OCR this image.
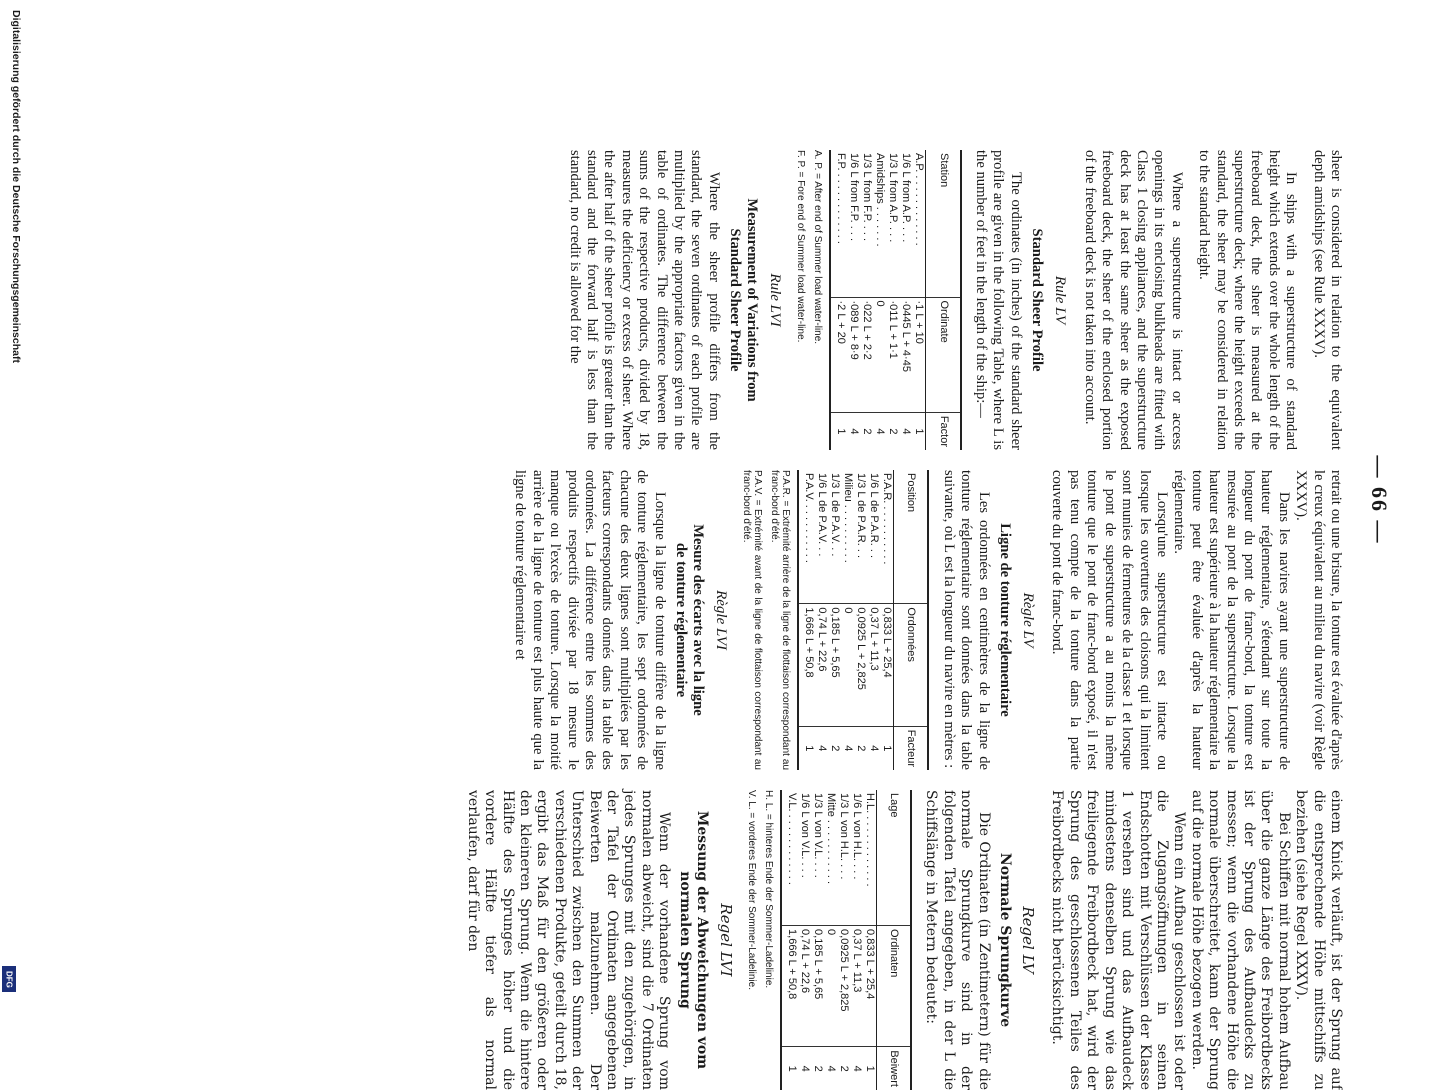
Digitalisierung gefördert durch die Deutsche Forschungsgemeinschaft
DFG
— 66 —

sheer is considered in relation to the equivalent depth amidships (see Rule XXXV).

In ships with a superstructure of standard height which extends over the whole length of the freeboard deck, the sheer is measured at the superstructure deck; where the height exceeds the standard, the sheer may be considered in relation to the standard height.

Where a superstructure is intact or access openings in its enclosing bulkheads are fitted with Class 1 closing appliances, and the superstructure deck has at least the same sheer as the exposed freeboard deck, the sheer of the enclosed portion of the freeboard deck is not taken into account.

Rule LV
Standard Sheer Profile

The ordinates (in inches) of the standard sheer profile are given in the following Table, where L is the number of feet in the length of the ship:—

Station	Ordinate	Factor
A.P. . . . . . . . . . . . .	·1 L + 10	1
1/6 L from A.P. . . .	·0445 L + 4·45	4
1/3 L from A.P. . . .	·011 L + 1·1	2
Amidships . . . . . . .	0	4
1/3 L from F.P. . . .	·022 L + 2·2	2
1/6 L from F.P. . . .	·089 L + 8·9	4
F.P. . . . . . . . . . . . .	·2 L + 20	1
A. P. = After end of Summer load water-line.
F. P. = Fore end of Summer load water-line.
Rule LVI
Measurement of Variations from
Standard Sheer Profile

Where the sheer profile differs from the standard, the seven ordinates of each profile are multiplied by the appropriate factors given in the table of ordinates. The difference between the sums of the respective products, divided by 18, measures the deficiency or excess of sheer. Where the after half of the sheer profile is greater than the standard and the forward half is less than the standard, no credit is allowed for the

retrait ou une brisure, la tonture est évaluée d'après le creux équivalent au milieu du navire (voir Règle XXXV).

Dans les navires ayant une superstructure de hauteur réglementaire, s'étendant sur toute la longueur du pont de franc-bord, la tonture est mesurée au pont de la superstructure. Lorsque la hauteur est supérieure à la hauteur réglementaire la tonture peut être évaluée d'après la hauteur réglementaire.

Lorsqu'une superstructure est intacte ou lorsque les ouvertures des cloisons qui la limitent sont munies de fermetures de la classe 1 et lorsque le pont de superstructure a au moins la même tonture que le pont de franc-bord exposé, il n'est pas tenu compte de la tonture dans la partie couverte du pont de franc-bord.

Règle LV
Ligne de tonture réglementaire

Les ordonnées en centimètres de la ligne de tonture réglementaire sont données dans la table suivante, où L est la longueur du navire en mètres :

Position	Ordonnées	Facteur
P.A.R. . . . . . . . . . .	0,833 L + 25,4	1
1/6 L de P.A.R. . .	0,37 L + 11,3	4
1/3 L de P.A.R. . .	0,0925 L + 2,825	2
Milieu . . . . . . . . . .	0	4
1/3 L de P.A.V. . .	0,185 L + 5,65	2
1/6 L de P.A.V. . .	0,74 L + 22,6	4
P.A.V. . . . . . . . . . .	1,666 L + 50,8	1
P.A.R. = Extrémité arrière de la ligne de flottaison correspondant au franc-bord d'été.
P.A.V. = Extrémité avant de la ligne de flottaison correspondant au franc-bord d'été.
Règle LVI
Mesure des écarts avec la ligne
de tonture réglementaire

Lorsque la ligne de tonture diffère de la ligne de tonture réglementaire, les sept ordonnées de chacune des deux lignes sont multipliées par les facteurs correspondants donnés dans la table des ordonnées. La différence entre les sommes des produits respectifs divisée par 18 mesure le manque ou l'excès de tonture. Lorsque la moitié arrière de la ligne de tonture est plus haute que la ligne de tonture réglementaire et

einem Knick verläuft, ist der Sprung auf die entsprechende Höhe mittschiffs zu beziehen (siehe Regel XXXV).

Bei Schiffen mit normal hohem Aufbau über die ganze Länge des Freibordbecks ist der Sprung des Aufbaudecks zu messen; wenn die vorhandene Höhe die normale überschreitet, kann der Sprung auf die normale Höhe bezogen werden.

Wenn ein Aufbau geschlossen ist oder die Zugangsöffnungen in seinen Endschotten mit Verschlüssen der Klasse 1 versehen sind und das Aufbaudeck mindestens denselben Sprung wie das freiliegende Freibordbeck hat, wird der Sprung des geschlossenen Teiles des Freibordbecks nicht berücksichtigt.

Regel LV
Normale Sprungkurve

Die Ordinaten (in Zentimetern) für die normale Sprungkurve sind in der folgenden Tafel angegeben, in der L die Schiffslänge in Metern bedeutet:

Lage	Ordinaten	Beiwert
H.L. . . . . . . . . . . . .	0,833 L + 25,4	1
1/6 L von H.L. . . .	0,37 L + 11,3	4
1/3 L von H.L. . . .	0,0925 L + 2,825	2
Mitte . . . . . . . . . . .	0	4
1/3 L von V.L. . . .	0,185 L + 5,65	2
1/6 L von V.L. . . .	0,74 L + 22,6	4
V.L. . . . . . . . . . . . .	1,666 L + 50,8	1
H. L. = hinteres Ende der Sommer-Ladelinie.
V. L. = vorderes Ende der Sommer-Ladelinie.
Regel LVI
Messung der Abweichungen vom
normalen Sprung

Wenn der vorhandene Sprung vom normalen abweicht, sind die 7 Ordinaten jedes Sprunges mit den zugehörigen, in der Tafel der Ordinaten angegebenen Beiwerten malzunehmen. Der Unterschied zwischen den Summen der verschiedenen Produkte, geteilt durch 18, ergibt das Maß für den größeren oder den kleineren Sprung. Wenn die hintere Hälfte des Sprunges höher und die vordere Hälfte tiefer als normal verlaufen, darf für den
